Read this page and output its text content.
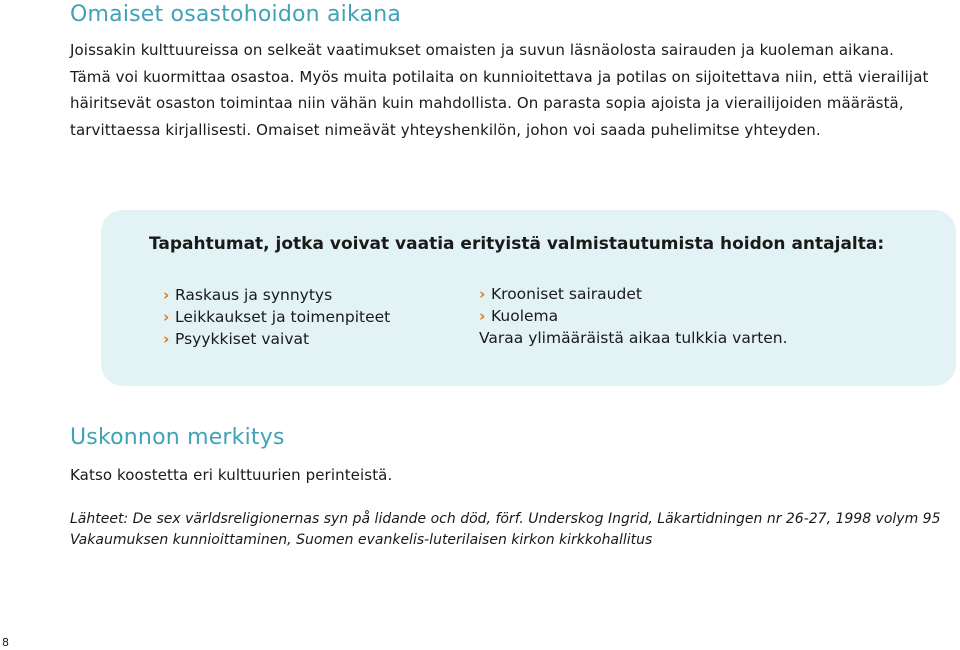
Omaiset osastohoidon aikana

Joissakin kulttuureissa on selkeät vaatimukset omaisten ja suvun läsnäolosta sairauden ja kuoleman aikana. Tämä voi kuormittaa osastoa. Myös muita potilaita on kunnioitettava ja potilas on sijoitettava niin, että vierailijat häiritsevät osaston toimintaa niin vähän kuin mahdollista. On parasta sopia ajoista ja vierailijoiden määrästä, tarvittaessa kirjallisesti. Omaiset nimeävät yhteyshenkilön, johon voi saada puhelimitse yhteyden.

Tapahtumat, jotka voivat vaatia erityistä valmistautumista hoidon antajalta:
› Raskaus ja synnytys
› Leikkaukset ja toimenpiteet
› Psyykkiset vaivat
› Krooniset sairaudet
› Kuolema
Varaa ylimääräistä aikaa tulkkia varten.
Uskonnon merkitys

Katso koostetta eri kulttuurien perinteistä.

Lähteet: De sex världsreligionernas syn på lidande och död, förf. Underskog Ingrid, Läkartidningen nr 26-27, 1998 volym 95
Vakaumuksen kunnioittaminen, Suomen evankelis-luterilaisen kirkon kirkkohallitus

8
